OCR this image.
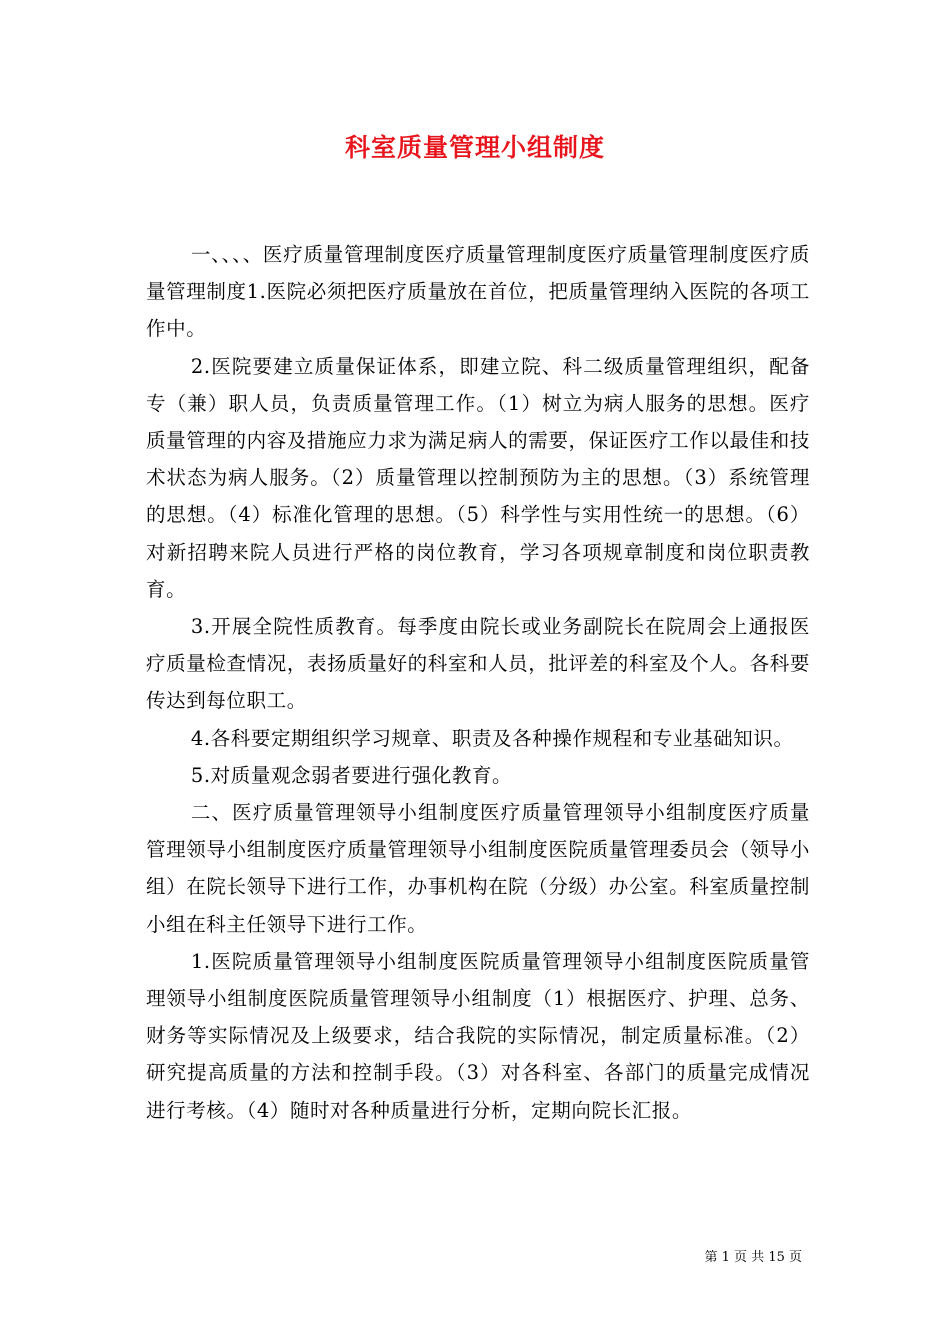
科室质量管理小组制度

一、、、、医疗质量管理制度医疗质量管理制度医疗质量管理制度医疗质量管理制度1.医院必须把医疗质量放在首位，把质量管理纳入医院的各项工作中。

2.医院要建立质量保证体系，即建立院、科二级质量管理组织，配备专（兼）职人员，负责质量管理工作。（1）树立为病人服务的思想。医疗质量管理的内容及措施应力求为满足病人的需要，保证医疗工作以最佳和技术状态为病人服务。（2）质量管理以控制预防为主的思想。（3）系统管理的思想。（4）标准化管理的思想。（5）科学性与实用性统一的思想。（6）对新招聘来院人员进行严格的岗位教育，学习各项规章制度和岗位职责教育。

3.开展全院性质教育。每季度由院长或业务副院长在院周会上通报医疗质量检查情况，表扬质量好的科室和人员，批评差的科室及个人。各科要传达到每位职工。

4.各科要定期组织学习规章、职责及各种操作规程和专业基础知识。

5.对质量观念弱者要进行强化教育。

二、医疗质量管理领导小组制度医疗质量管理领导小组制度医疗质量管理领导小组制度医疗质量管理领导小组制度医院质量管理委员会（领导小组）在院长领导下进行工作，办事机构在院（分级）办公室。科室质量控制小组在科主任领导下进行工作。

1.医院质量管理领导小组制度医院质量管理领导小组制度医院质量管理领导小组制度医院质量管理领导小组制度（1）根据医疗、护理、总务、财务等实际情况及上级要求，结合我院的实际情况，制定质量标准。（2）研究提高质量的方法和控制手段。（3）对各科室、各部门的质量完成情况进行考核。（4）随时对各种质量进行分析，定期向院长汇报。

第 1 页 共 15 页
